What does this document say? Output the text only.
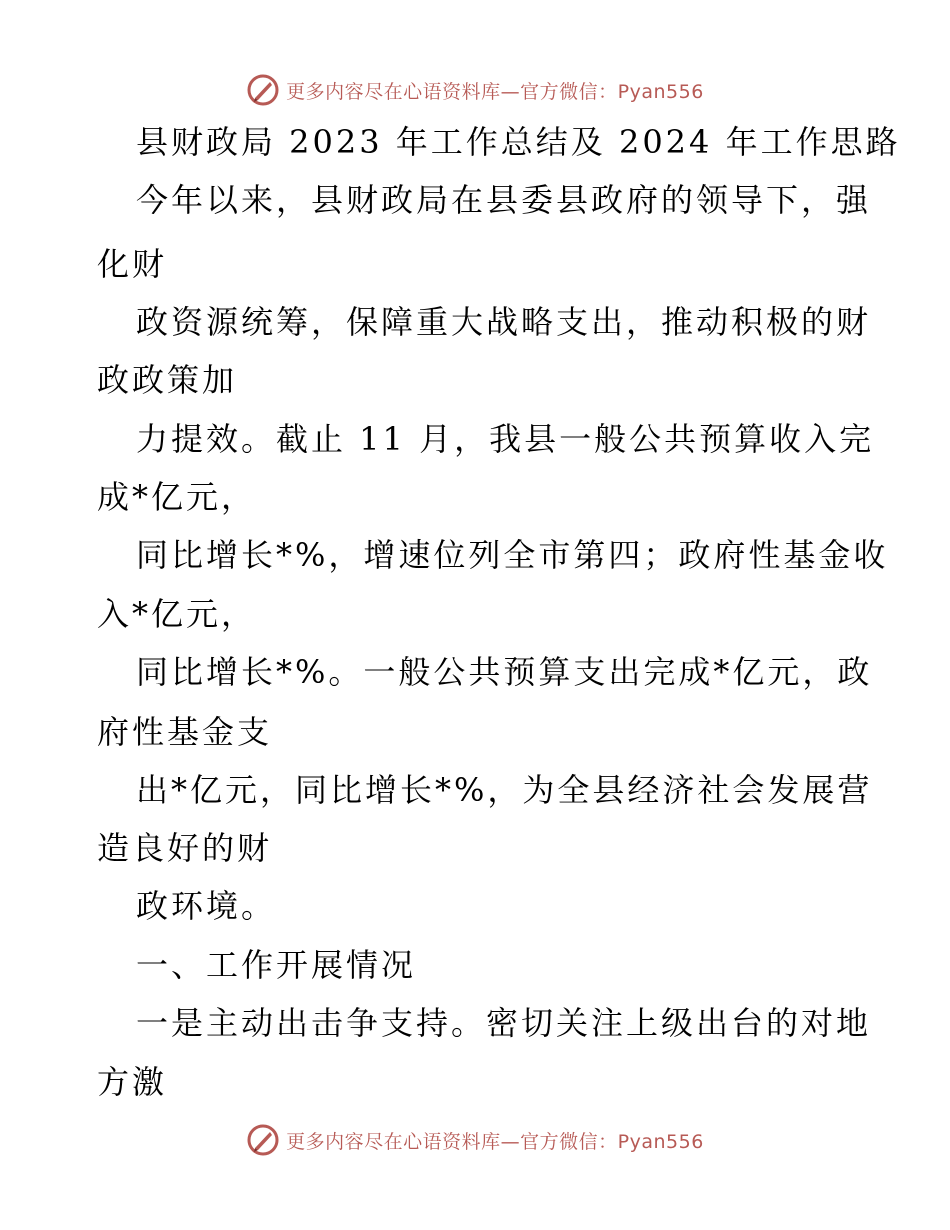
更多内容尽在心语资料库—官方微信：Pyan556
县财政局 2023 年工作总结及 2024 年工作思路
今年以来，县财政局在县委县政府的领导下，强
化财
政资源统筹，保障重大战略支出，推动积极的财
政政策加
力提效。截止 11 月，我县一般公共预算收入完
成*亿元，
同比增长*%，增速位列全市第四；政府性基金收
入*亿元，
同比增长*%。一般公共预算支出完成*亿元，政
府性基金支
出*亿元，同比增长*%，为全县经济社会发展营
造良好的财
政环境。
一、工作开展情况
一是主动出击争支持。密切关注上级出台的对地
方激
更多内容尽在心语资料库—官方微信：Pyan556
